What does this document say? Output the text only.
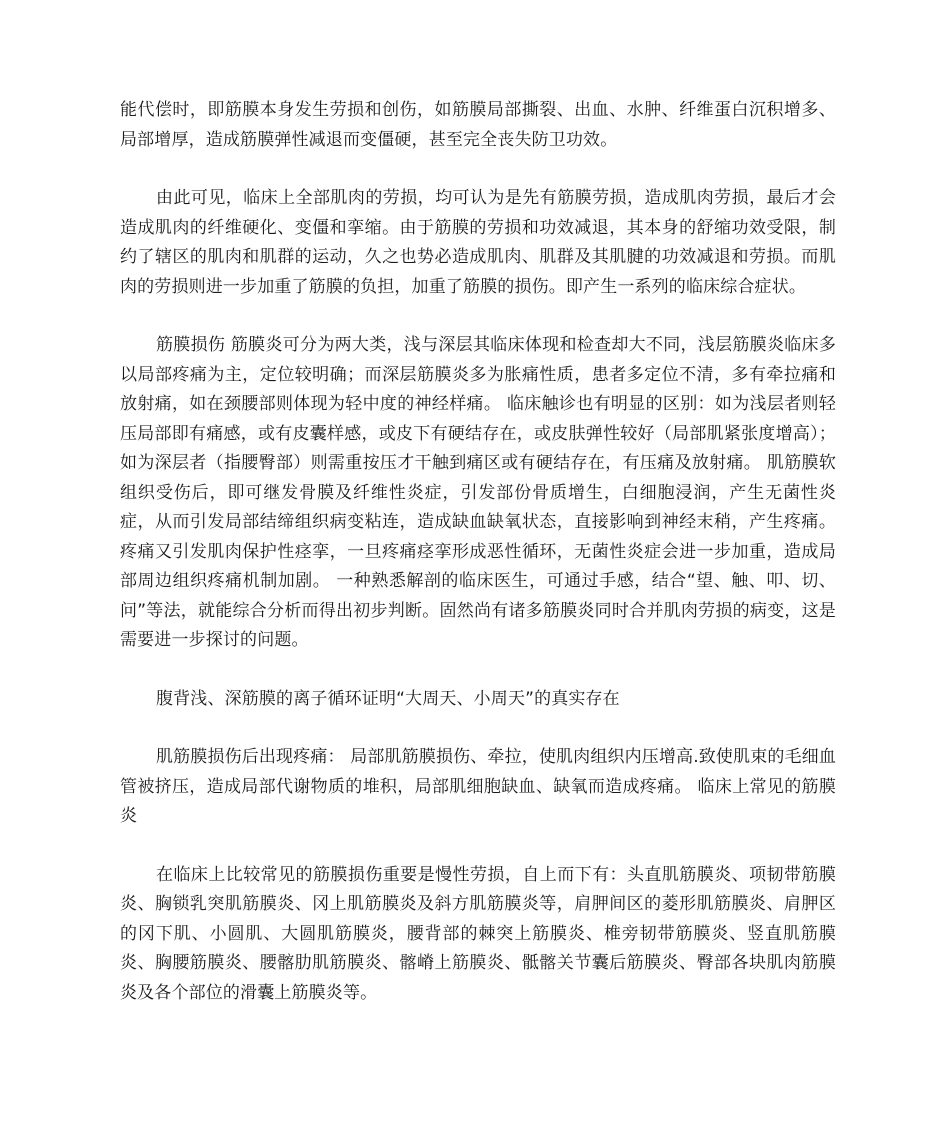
能代偿时，即筋膜本身发生劳损和创伤，如筋膜局部撕裂、出血、水肿、纤维蛋白沉积增多、局部增厚，造成筋膜弹性减退而变僵硬，甚至完全丧失防卫功效。

由此可见，临床上全部肌肉的劳损，均可认为是先有筋膜劳损，造成肌肉劳损，最后才会造成肌肉的纤维硬化、变僵和挛缩。由于筋膜的劳损和功效减退，其本身的舒缩功效受限，制约了辖区的肌肉和肌群的运动，久之也势必造成肌肉、肌群及其肌腱的功效减退和劳损。而肌肉的劳损则进一步加重了筋膜的负担，加重了筋膜的损伤。即产生一系列的临床综合症状。

筋膜损伤 筋膜炎可分为两大类，浅与深层其临床体现和检查却大不同，浅层筋膜炎临床多以局部疼痛为主，定位较明确；而深层筋膜炎多为胀痛性质，患者多定位不清，多有牵拉痛和放射痛，如在颈腰部则体现为轻中度的神经样痛。 临床触诊也有明显的区别：如为浅层者则轻压局部即有痛感，或有皮囊样感，或皮下有硬结存在，或皮肤弹性较好（局部肌紧张度增高）；如为深层者（指腰臀部）则需重按压才干触到痛区或有硬结存在，有压痛及放射痛。 肌筋膜软组织受伤后，即可继发骨膜及纤维性炎症，引发部份骨质增生，白细胞浸润，产生无菌性炎症，从而引发局部结缔组织病变粘连，造成缺血缺氧状态，直接影响到神经末稍，产生疼痛。疼痛又引发肌肉保护性痉挛，一旦疼痛痉挛形成恶性循环，无菌性炎症会进一步加重，造成局部周边组织疼痛机制加剧。 一种熟悉解剖的临床医生，可通过手感，结合“望、触、叩、切、问”等法，就能综合分析而得出初步判断。固然尚有诸多筋膜炎同时合并肌肉劳损的病变，这是需要进一步探讨的问题。

腹背浅、深筋膜的离子循环证明“大周天、小周天”的真实存在

肌筋膜损伤后出现疼痛： 局部肌筋膜损伤、牵拉，使肌肉组织内压增高.致使肌束的毛细血管被挤压，造成局部代谢物质的堆积，局部肌细胞缺血、缺氧而造成疼痛。 临床上常见的筋膜炎

在临床上比较常见的筋膜损伤重要是慢性劳损，自上而下有：头直肌筋膜炎、项韧带筋膜炎、胸锁乳突肌筋膜炎、冈上肌筋膜炎及斜方肌筋膜炎等，肩胛间区的菱形肌筋膜炎、肩胛区的冈下肌、小圆肌、大圆肌筋膜炎，腰背部的棘突上筋膜炎、椎旁韧带筋膜炎、竖直肌筋膜炎、胸腰筋膜炎、腰髂肋肌筋膜炎、髂嵴上筋膜炎、骶髂关节囊后筋膜炎、臀部各块肌肉筋膜炎及各个部位的滑囊上筋膜炎等。
